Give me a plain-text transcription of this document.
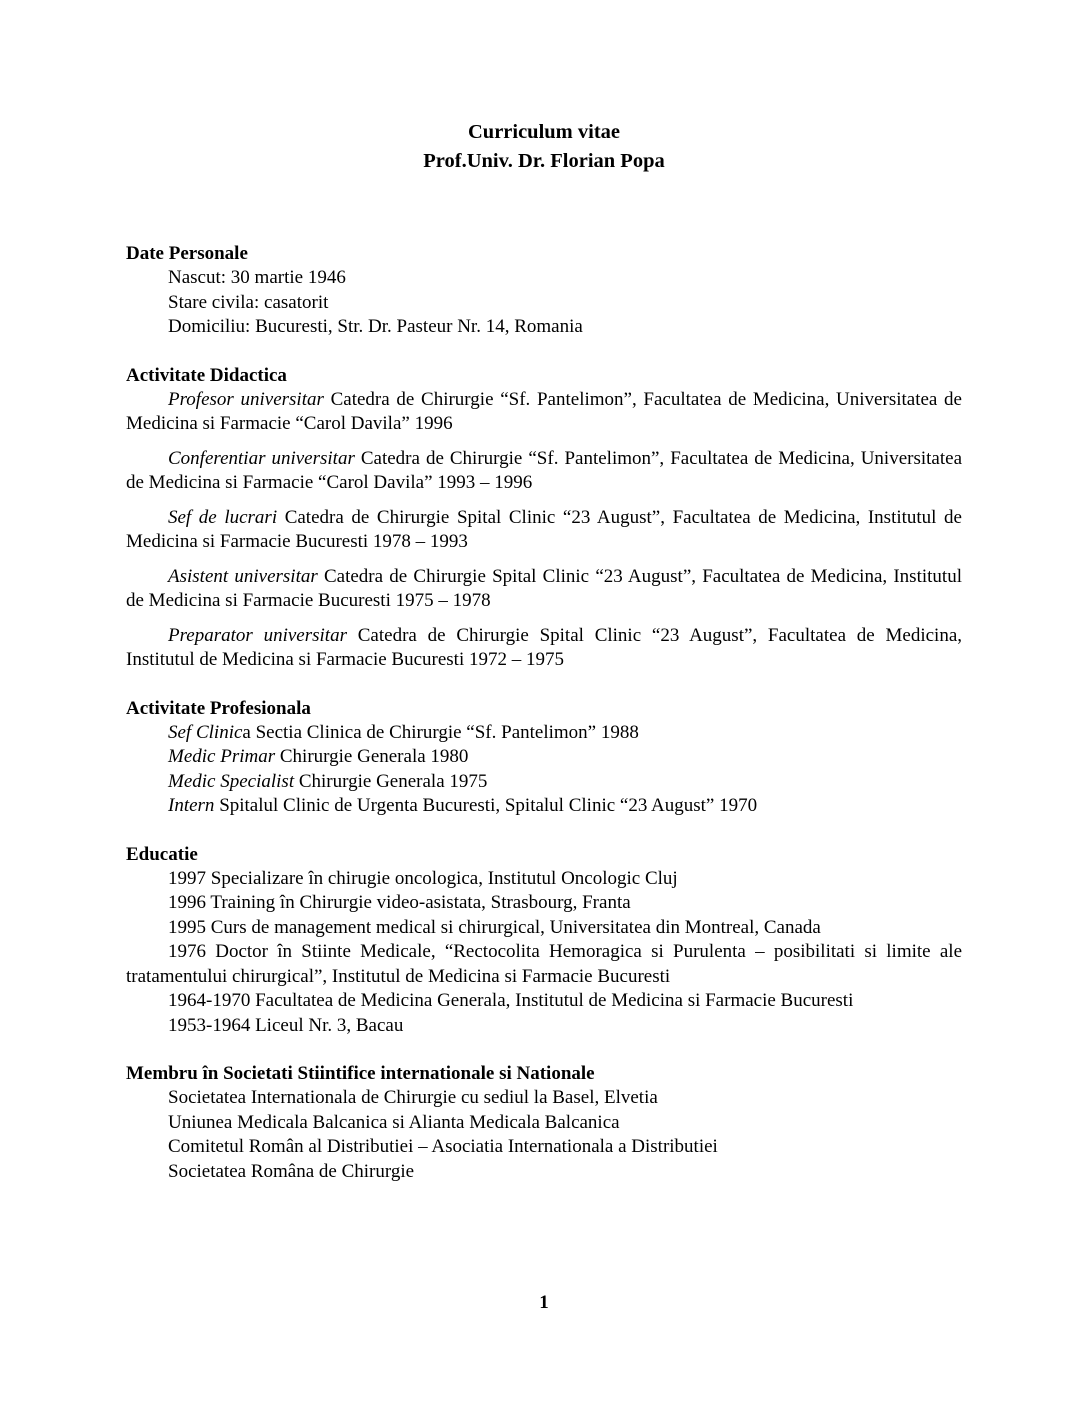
Curriculum vitae
Prof.Univ. Dr. Florian Popa
Date Personale
Nascut: 30 martie 1946
Stare civila: casatorit
Domiciliu: Bucuresti, Str. Dr. Pasteur Nr. 14, Romania
Activitate Didactica

Profesor universitar Catedra de Chirurgie “Sf. Pantelimon”, Facultatea de Medicina, Universitatea de Medicina si Farmacie “Carol Davila” 1996

Conferentiar universitar Catedra de Chirurgie “Sf. Pantelimon”, Facultatea de Medicina, Universitatea de Medicina si Farmacie “Carol Davila” 1993 – 1996

Sef de lucrari Catedra de Chirurgie Spital Clinic “23 August”, Facultatea de Medicina, Institutul de Medicina si Farmacie Bucuresti 1978 – 1993

Asistent universitar Catedra de Chirurgie Spital Clinic “23 August”, Facultatea de Medicina, Institutul de Medicina si Farmacie Bucuresti 1975 – 1978

Preparator universitar Catedra de Chirurgie Spital Clinic “23 August”, Facultatea de Medicina, Institutul de Medicina si Farmacie Bucuresti 1972 – 1975

Activitate Profesionala
Sef Clinica Sectia Clinica de Chirurgie “Sf. Pantelimon” 1988
Medic Primar Chirurgie Generala 1980
Medic Specialist Chirurgie Generala 1975
Intern Spitalul Clinic de Urgenta Bucuresti, Spitalul Clinic “23 August” 1970
Educatie
1997 Specializare în chirugie oncologica, Institutul Oncologic Cluj
1996 Training în Chirurgie video-asistata, Strasbourg, Franta
1995 Curs de management medical si chirurgical, Universitatea din Montreal, Canada

1976 Doctor în Stiinte Medicale, “Rectocolita Hemoragica si Purulenta – posibilitati si limite ale tratamentului chirurgical”, Institutul de Medicina si Farmacie Bucuresti

1964-1970 Facultatea de Medicina Generala, Institutul de Medicina si Farmacie Bucuresti
1953-1964 Liceul Nr. 3, Bacau
Membru în Societati Stiintifice internationale si Nationale
Societatea Internationala de Chirurgie cu sediul la Basel, Elvetia
Uniunea Medicala Balcanica si Alianta Medicala Balcanica
Comitetul Român al Distributiei – Asociatia Internationala a Distributiei
Societatea Româna de Chirurgie
1
